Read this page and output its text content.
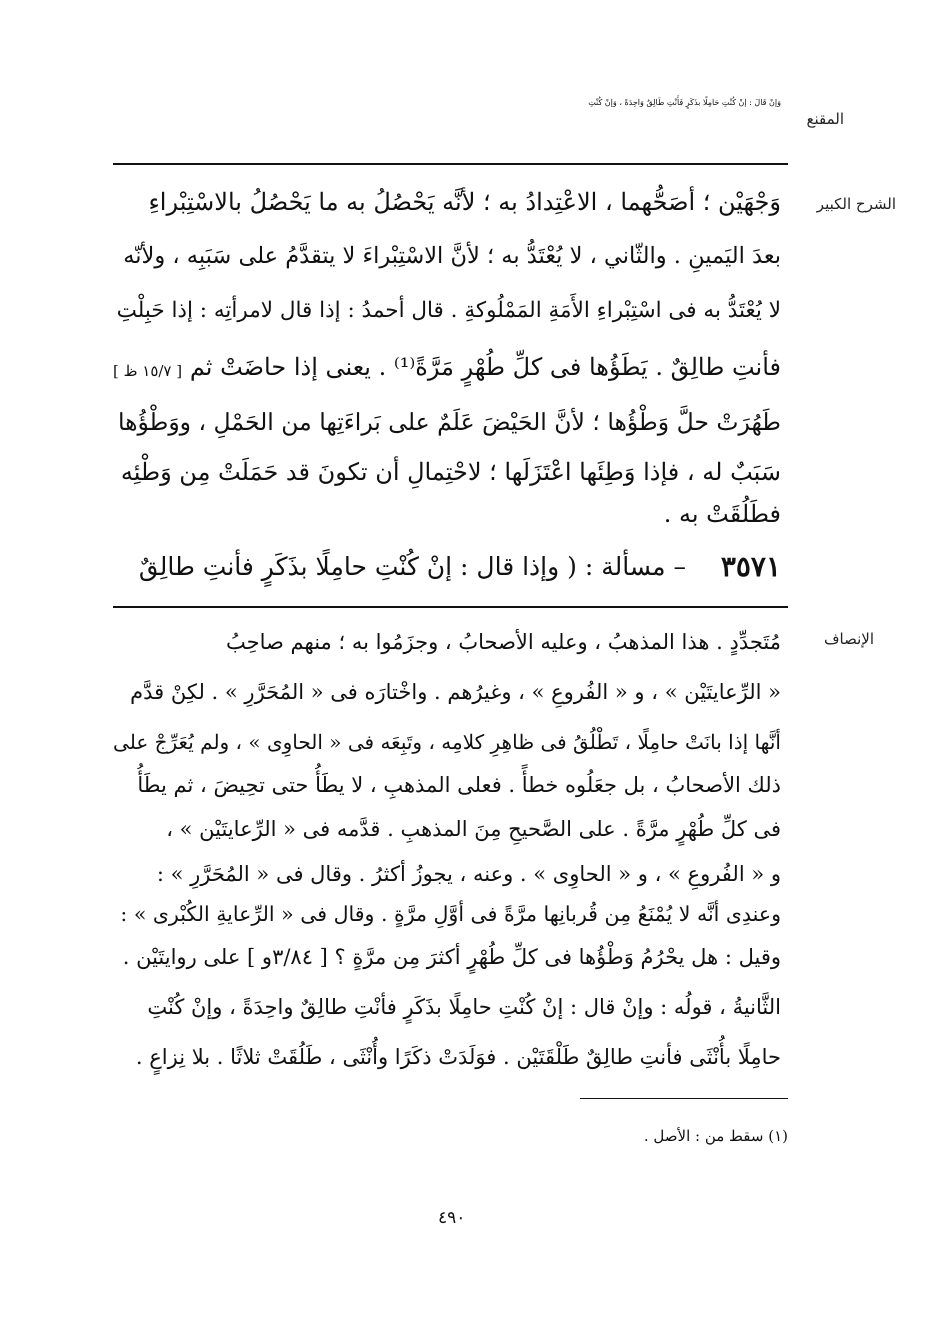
المقنع
وَإنْ قَالَ : إنْ كُنْتِ حَامِلًا بذَكَرٍ فَأَنْتِ طَالِقٌ وَاحِدَةً ، وَإنْ كُنْتِ
الشرح الكبير
وَجْهَيْن ؛ أصَحُّهما ، الاعْتِدادُ به ؛ لأنَّه يَحْصُلُ به ما يَحْصُلُ بالاسْتِبْراءِ
بعدَ اليَمينِ . والثّاني ، لا يُعْتَدُّ به ؛ لأنَّ الاسْتِبْراءَ لا يتقدَّمُ على سَبَبِه ، ولأنّه
لا يُعْتَدُّ به فى اسْتِبْراءِ الأَمَةِ المَمْلُوكةِ . قال أحمدُ : إذا قال لامرأتِه : إذا حَبِلْتِ
فأنتِ طالِقٌ . يَطَؤُها فى كلِّ طُهْرٍ مَرَّةً⁽¹⁾ . يعنى إذا حاضَتْ ثم
[ ١٥/٧ ظ ]
طَهُرَتْ حلَّ وَطْؤُها ؛ لأنَّ الحَيْضَ عَلَمٌ على بَراءَتِها من الحَمْلِ ، ووَطْؤُها
سَبَبٌ له ، فإذا وَطِئَها اعْتَزَلَها ؛ لاحْتِمالِ أن تكونَ قد حَمَلَتْ مِن وَطْئِه
فطَلُقَتْ به .
٣٥٧١
– مسألة : ( وإذا قال : إنْ كُنْتِ حامِلًا بذَكَرٍ فأنتِ طالِقٌ
الإنصاف
مُتَجدِّدٍ . هذا المذهبُ ، وعليه الأصحابُ ، وجزَمُوا به ؛ منهم صاحِبُ
« الرِّعايتَيْن » ، و « الفُروعِ » ، وغيرُهم . واخْتارَه فى « المُحَرَّرِ » . لكِنْ قدَّم
أنَّها إذا بانَتْ حامِلًا ، تَطْلُقُ فى ظاهِرِ كلامِه ، وتَبِعَه فى « الحاوِى » ، ولم يُعَرِّجْ على
ذلك الأصحابُ ، بل جعَلُوه خطأً . فعلى المذهبِ ، لا يطَأُ حتى تحِيضَ ، ثم يطَأُ
فى كلِّ طُهْرٍ مرَّةً . على الصَّحيحِ مِنَ المذهبِ . قدَّمه فى « الرِّعايتَيْن » ،
و « الفُروعِ » ، و « الحاوِى » . وعنه ، يجوزُ أكثرُ . وقال فى « المُحَرَّرِ » :
وعندِى أنَّه لا يُمْنَعُ مِن قُربانِها مرَّةً فى أوَّلِ مرَّةٍ . وقال فى « الرِّعايةِ الكُبْرى » :
وقيل : هل يحْرُمُ وَطْؤُها فى كلِّ طُهْرٍ أكثرَ مِن مرَّةٍ ؟ [ ٣/٨٤و ] على روايتَيْن .
الثَّانيةُ ، قولُه : وإنْ قال : إنْ كُنْتِ حامِلًا بذَكَرٍ فأنْتِ طالِقٌ واحِدَةً ، وإنْ كُنْتِ
حامِلًا بأُنْثَى فأنتِ طالِقٌ طَلْقَتَيْن . فوَلَدَتْ ذكَرًا وأُنْثَى ، طَلُقَتْ ثلاثًا . بلا نِزاعٍ .
(١) سقط من : الأصل .
٤٩٠
